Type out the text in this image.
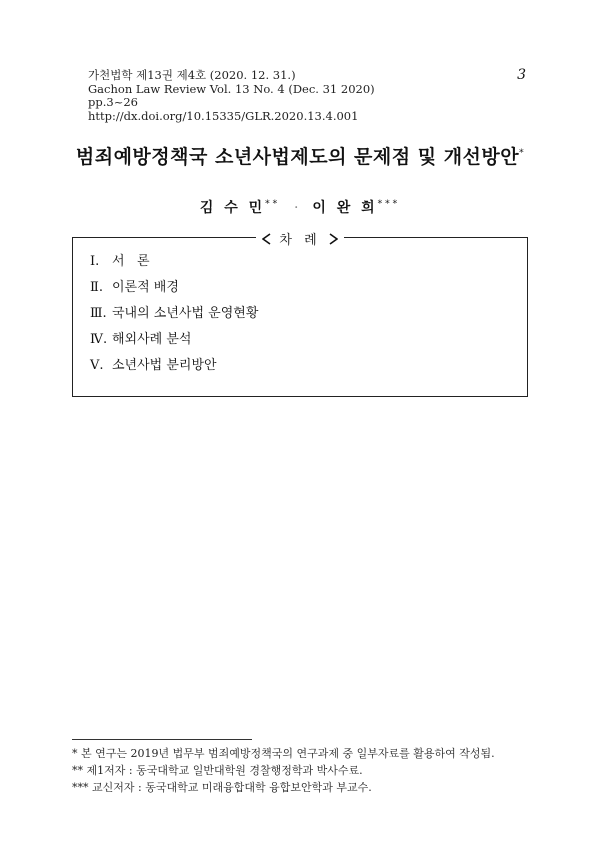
가천법학 제13권 제4호 (2020. 12. 31.)
Gachon Law Review Vol. 13 No. 4 (Dec. 31 2020)
pp.3~26
http://dx.doi.org/10.15335/GLR.2020.13.4.001
3
범죄예방정책국 소년사법제도의 문제점 및 개선방안*
김 수 민** · 이 완 희***
차 례
Ⅰ. 서   론
Ⅱ. 이론적 배경
Ⅲ. 국내의 소년사법 운영현황
Ⅳ. 해외사례 분석
Ⅴ. 소년사법 분리방안
* 본 연구는 2019년 법무부 범죄예방정책국의 연구과제 중 일부자료를 활용하여 작성됨.
** 제1저자 : 동국대학교 일반대학원 경찰행정학과 박사수료.
*** 교신저자 : 동국대학교 미래융합대학 융합보안학과 부교수.
